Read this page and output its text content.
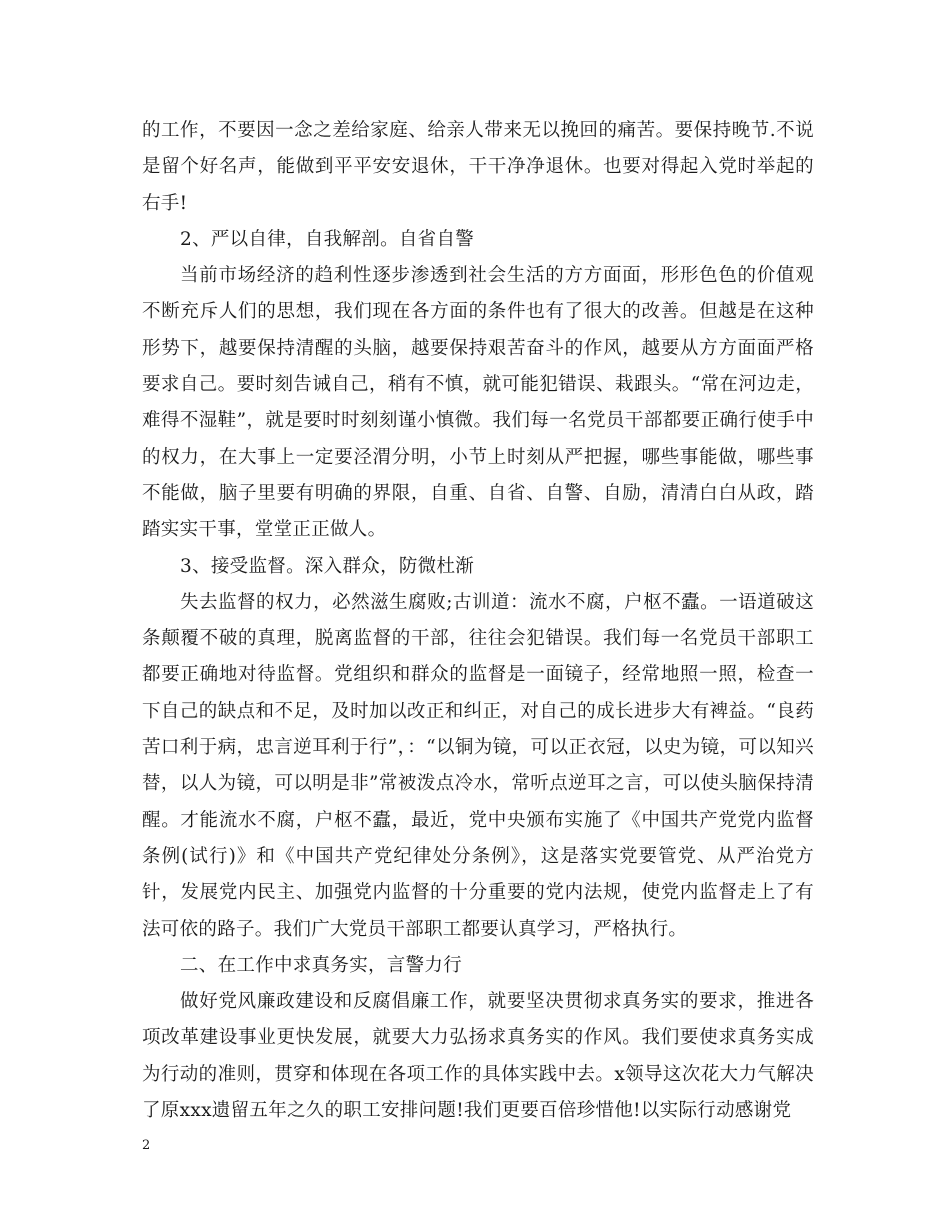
的工作，不要因一念之差给家庭、给亲人带来无以挽回的痛苦。要保持晚节.不说是留个好名声，能做到平平安安退休，干干净净退休。也要对得起入党时举起的右手!

2、严以自律，自我解剖。自省自警

当前市场经济的趋利性逐步渗透到社会生活的方方面面，形形色色的价值观不断充斥人们的思想，我们现在各方面的条件也有了很大的改善。但越是在这种形势下，越要保持清醒的头脑，越要保持艰苦奋斗的作风，越要从方方面面严格要求自己。要时刻告诫自己，稍有不慎，就可能犯错误、栽跟头。“常在河边走，难得不湿鞋”，就是要时时刻刻谨小慎微。我们每一名党员干部都要正确行使手中的权力，在大事上一定要泾渭分明，小节上时刻从严把握，哪些事能做，哪些事不能做，脑子里要有明确的界限，自重、自省、自警、自励，清清白白从政，踏踏实实干事，堂堂正正做人。

3、接受监督。深入群众，防微杜渐

失去监督的权力，必然滋生腐败;古训道：流水不腐，户枢不蠹。一语道破这条颠覆不破的真理，脱离监督的干部，往往会犯错误。我们每一名党员干部职工都要正确地对待监督。党组织和群众的监督是一面镜子，经常地照一照，检查一下自己的缺点和不足，及时加以改正和纠正，对自己的成长进步大有裨益。“良药苦口利于病，忠言逆耳利于行”，：“以铜为镜，可以正衣冠，以史为镜，可以知兴替，以人为镜，可以明是非”常被泼点冷水，常听点逆耳之言，可以使头脑保持清醒。才能流水不腐，户枢不蠹，最近，党中央颁布实施了《中国共产党党内监督条例(试行)》和《中国共产党纪律处分条例》，这是落实党要管党、从严治党方针，发展党内民主、加强党内监督的十分重要的党内法规，使党内监督走上了有法可依的路子。我们广大党员干部职工都要认真学习，严格执行。

二、在工作中求真务实，言警力行

做好党风廉政建设和反腐倡廉工作，就要坚决贯彻求真务实的要求，推进各项改革建设事业更快发展，就要大力弘扬求真务实的作风。我们要使求真务实成为行动的准则，贯穿和体现在各项工作的具体实践中去。x领导这次花大力气解决了原xxx遗留五年之久的职工安排问题!我们更要百倍珍惜他!以实际行动感谢党

2
